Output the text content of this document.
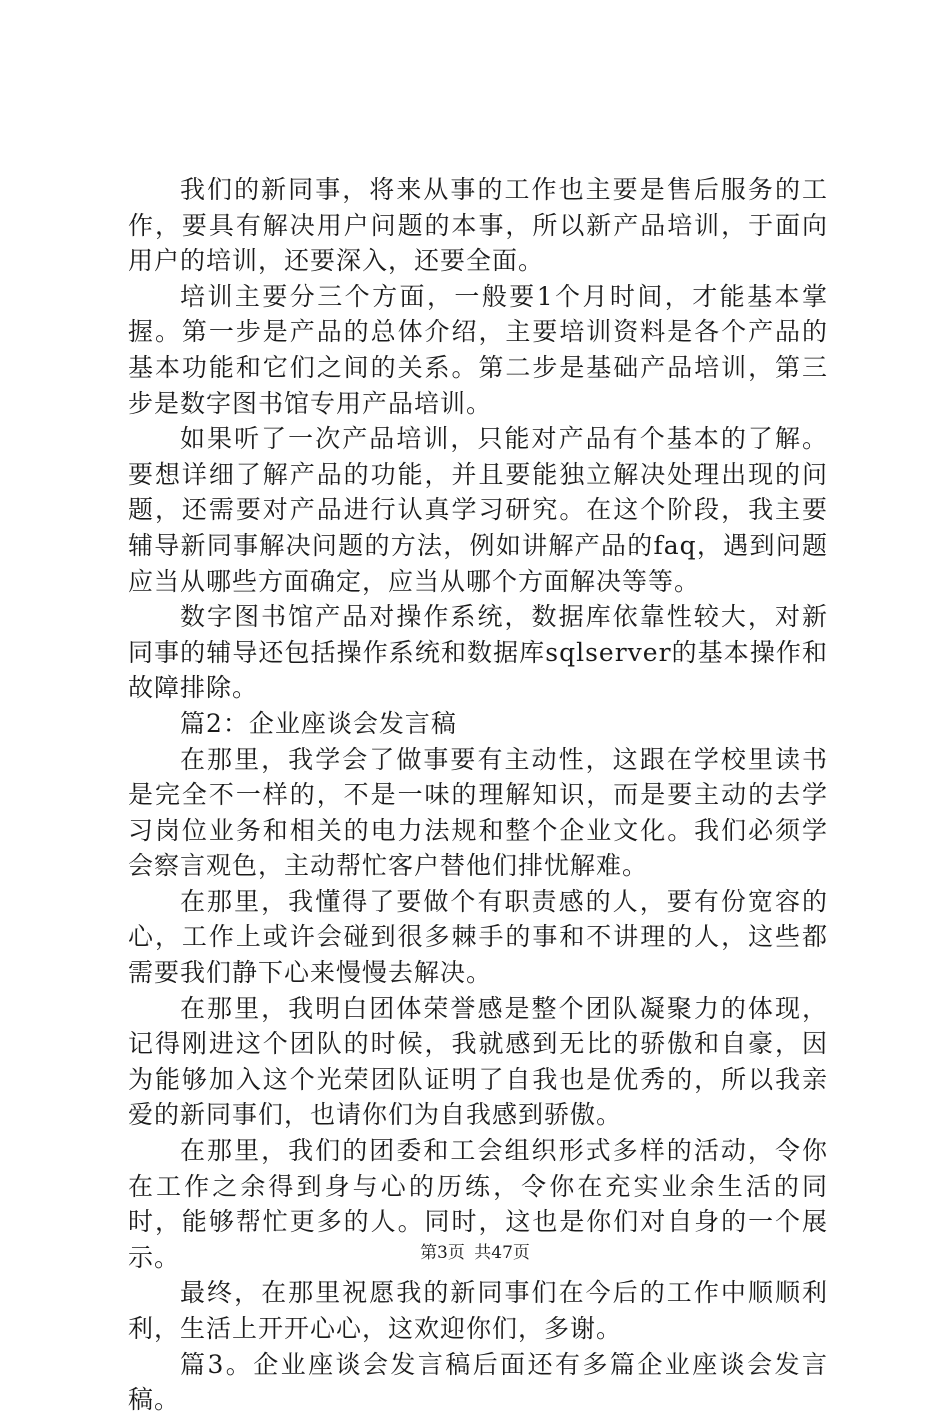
我们的新同事，将来从事的工作也主要是售后服务的工作，要具有解决用户问题的本事，所以新产品培训，于面向用户的培训，还要深入，还要全面。

培训主要分三个方面，一般要1个月时间，才能基本掌握。第一步是产品的总体介绍，主要培训资料是各个产品的基本功能和它们之间的关系。第二步是基础产品培训，第三步是数字图书馆专用产品培训。

如果听了一次产品培训，只能对产品有个基本的了解。要想详细了解产品的功能，并且要能独立解决处理出现的问题，还需要对产品进行认真学习研究。在这个阶段，我主要辅导新同事解决问题的方法，例如讲解产品的faq，遇到问题应当从哪些方面确定，应当从哪个方面解决等等。

数字图书馆产品对操作系统，数据库依靠性较大，对新同事的辅导还包括操作系统和数据库sqlserver的基本操作和故障排除。

篇2：企业座谈会发言稿

在那里，我学会了做事要有主动性，这跟在学校里读书是完全不一样的，不是一味的理解知识，而是要主动的去学习岗位业务和相关的电力法规和整个企业文化。我们必须学会察言观色，主动帮忙客户替他们排忧解难。

在那里，我懂得了要做个有职责感的人，要有份宽容的心，工作上或许会碰到很多棘手的事和不讲理的人，这些都需要我们静下心来慢慢去解决。

在那里，我明白团体荣誉感是整个团队凝聚力的体现，记得刚进这个团队的时候，我就感到无比的骄傲和自豪，因为能够加入这个光荣团队证明了自我也是优秀的，所以我亲爱的新同事们，也请你们为自我感到骄傲。

在那里，我们的团委和工会组织形式多样的活动，令你在工作之余得到身与心的历练，令你在充实业余生活的同时，能够帮忙更多的人。同时，这也是你们对自身的一个展示。

最终，在那里祝愿我的新同事们在今后的工作中顺顺利利，生活上开开心心，这欢迎你们，多谢。

篇3。企业座谈会发言稿后面还有多篇企业座谈会发言稿。

第3页 共47页
